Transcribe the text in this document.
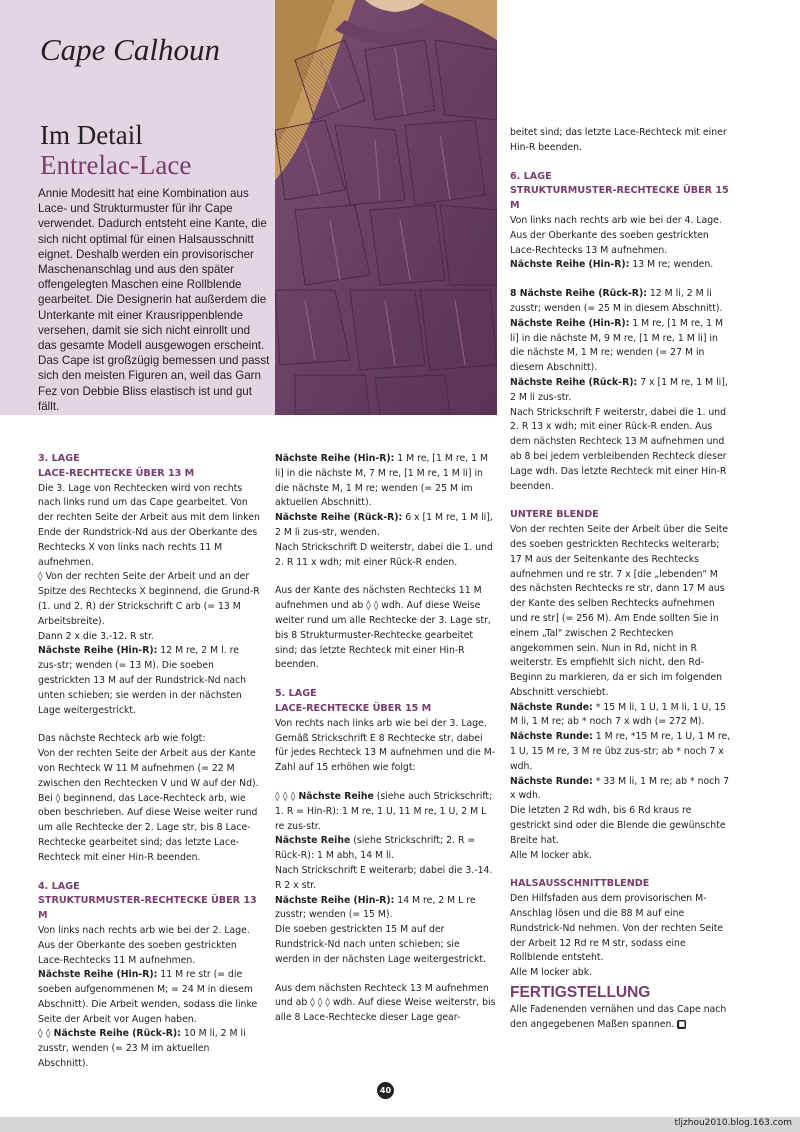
Cape Calhoun
Im Detail
Entrelac-Lace

Annie Modesitt hat eine Kombination aus Lace- und Strukturmuster für ihr Cape verwendet. Dadurch entsteht eine Kante, die sich nicht optimal für einen Halsausschnitt eignet. Deshalb werden ein provisorischer Maschenanschlag und aus den später offengelegten Maschen eine Rollblende gearbeitet. Die Designerin hat außerdem die Unterkante mit einer Krausrippenblende versehen, damit sie sich nicht einrollt und das gesamte Modell ausgewogen erscheint.

Das Cape ist großzügig bemessen und passt sich den meisten Figuren an, weil das Garn Fez von Debbie Bliss elastisch ist und gut fällt.

3. LAGE

LACE-RECHTECKE ÜBER 13 M

Die 3. Lage von Rechtecken wird von rechts nach links rund um das Cape gearbeitet. Von der rechten Seite der Arbeit aus mit dem linken Ende der Rundstrick-Nd aus der Oberkante des Rechtecks X von links nach rechts 11 M aufnehmen.

◊ Von der rechten Seite der Arbeit und an der Spitze des Rechtecks X beginnend, die Grund-R (1. und 2. R) der Strickschrift C arb (= 13 M Arbeitsbreite).

Dann 2 x die 3.-12. R str.

Nächste Reihe (Hin-R): 12 M re, 2 M l. re zus-str; wenden (= 13 M). Die soeben gestrickten 13 M auf der Rundstrick-Nd nach unten schieben; sie werden in der nächsten Lage weitergestrickt.

Das nächste Rechteck arb wie folgt:

Von der rechten Seite der Arbeit aus der Kante von Rechteck W 11 M aufnehmen (= 22 M zwischen den Rechtecken V und W auf der Nd). Bei ◊ beginnend, das Lace-Rechteck arb, wie oben beschrieben. Auf diese Weise weiter rund um alle Rechtecke der 2. Lage str, bis 8 Lace-Rechtecke gearbeitet sind; das letzte Lace-Rechteck mit einer Hin-R beenden.

4. LAGE

STRUKTURMUSTER-RECHTECKE ÜBER 13 M

Von links nach rechts arb wie bei der 2. Lage. Aus der Oberkante des soeben gestrickten Lace-Rechtecks 11 M aufnehmen.

Nächste Reihe (Hin-R): 11 M re str (= die soeben aufgenommenen M; = 24 M in diesem Abschnitt). Die Arbeit wenden, sodass die linke Seite der Arbeit vor Augen haben.

◊ ◊ Nächste Reihe (Rück-R): 10 M li, 2 M li zusstr, wenden (= 23 M im aktuellen Abschnitt).

Nächste Reihe (Hin-R): 1 M re, [1 M re, 1 M li] in die nächste M, 7 M re, [1 M re, 1 M li] in die nächste M, 1 M re; wenden (= 25 M im aktuellen Abschnitt).

Nächste Reihe (Rück-R): 6 x [1 M re, 1 M li], 2 M li zus-str, wenden.

Nach Strickschrift D weiterstr, dabei die 1. und 2. R 11 x wdh; mit einer Rück-R enden.

Aus der Kante des nächsten Rechtecks 11 M aufnehmen und ab ◊ ◊ wdh. Auf diese Weise weiter rund um alle Rechtecke der 3. Lage str, bis 8 Strukturmuster-Rechtecke gearbeitet sind; das letzte Rechteck mit einer Hin-R beenden.

5. LAGE

LACE-RECHTECKE ÜBER 15 M

Von rechts nach links arb wie bei der 3. Lage. Gemäß Strickschrift E 8 Rechtecke str, dabei für jedes Rechteck 13 M aufnehmen und die M-Zahl auf 15 erhöhen wie folgt:

◊ ◊ ◊ Nächste Reihe (siehe auch Strickschrift; 1. R = Hin-R): 1 M re, 1 U, 11 M re, 1 U, 2 M L re zus-str.

Nächste Reihe (siehe Strickschrift; 2. R = Rück-R): 1 M abh, 14 M li.

Nach Strickschrift E weiterarb; dabei die 3.-14. R 2 x str.

Nächste Reihe (Hin-R): 14 M re, 2 M L re zusstr; wenden (= 15 M).

Die soeben gestrickten 15 M auf der Rundstrick-Nd nach unten schieben; sie werden in der nächsten Lage weitergestrickt.

Aus dem nächsten Rechteck 13 M aufnehmen und ab ◊ ◊ ◊ wdh. Auf diese Weise weiterstr, bis alle 8 Lace-Rechtecke dieser Lage gear-

beitet sind; das letzte Lace-Rechteck mit einer Hin-R beenden.

6. LAGE

STRUKTURMUSTER-RECHTECKE ÜBER 15 M

Von links nach rechts arb wie bei der 4. Lage. Aus der Oberkante des soeben gestrickten Lace-Rechtecks 13 M aufnehmen.

Nächste Reihe (Hin-R): 13 M re; wenden.

8 Nächste Reihe (Rück-R): 12 M li, 2 M li zusstr; wenden (= 25 M in diesem Abschnitt).

Nächste Reihe (Hin-R): 1 M re, [1 M re, 1 M li] in die nächste M, 9 M re, [1 M re, 1 M li] in die nächste M, 1 M re; wenden (= 27 M in diesem Abschnitt).

Nächste Reihe (Rück-R): 7 x [1 M re, 1 M li], 2 M li zus-str.

Nach Strickschrift F weiterstr, dabei die 1. und 2. R 13 x wdh; mit einer Rück-R enden. Aus dem nächsten Rechteck 13 M aufnehmen und ab 8 bei jedem verbleibenden Rechteck dieser Lage wdh. Das letzte Rechteck mit einer Hin-R beenden.

UNTERE BLENDE

Von der rechten Seite der Arbeit über die Seite des soeben gestrickten Rechtecks weiterarb; 17 M aus der Seitenkante des Rechtecks aufnehmen und re str. 7 x [die „lebenden" M des nächsten Rechtecks re str, dann 17 M aus der Kante des selben Rechtecks aufnehmen und re str] (= 256 M). Am Ende sollten Sie in einem „Tal" zwischen 2 Rechtecken angekommen sein. Nun in Rd, nicht in R weiterstr. Es empfiehlt sich nicht, den Rd-Beginn zu markieren, da er sich im folgenden Abschnitt verschiebt.

Nächste Runde: * 15 M li, 1 U, 1 M li, 1 U, 15 M li, 1 M re; ab * noch 7 x wdh (= 272 M).

Nächste Runde: 1 M re, *15 M re, 1 U, 1 M re, 1 U, 15 M re, 3 M re übz zus-str; ab * noch 7 x wdh.

Nächste Runde: * 33 M li, 1 M re; ab * noch 7 x wdh.

Die letzten 2 Rd wdh, bis 6 Rd kraus re gestrickt sind oder die Blende die gewünschte Breite hat.

Alle M locker abk.

HALSAUSSCHNITTBLENDE

Den Hilfsfaden aus dem provisorischen M-Anschlag lösen und die 88 M auf eine Rundstrick-Nd nehmen. Von der rechten Seite der Arbeit 12 Rd re M str, sodass eine Rollblende entsteht.

Alle M locker abk.

FERTIGSTELLUNG

Alle Fadenenden vernähen und das Cape nach den angegebenen Maßen spannen. ■

40
tljzhou2010.blog.163.com
